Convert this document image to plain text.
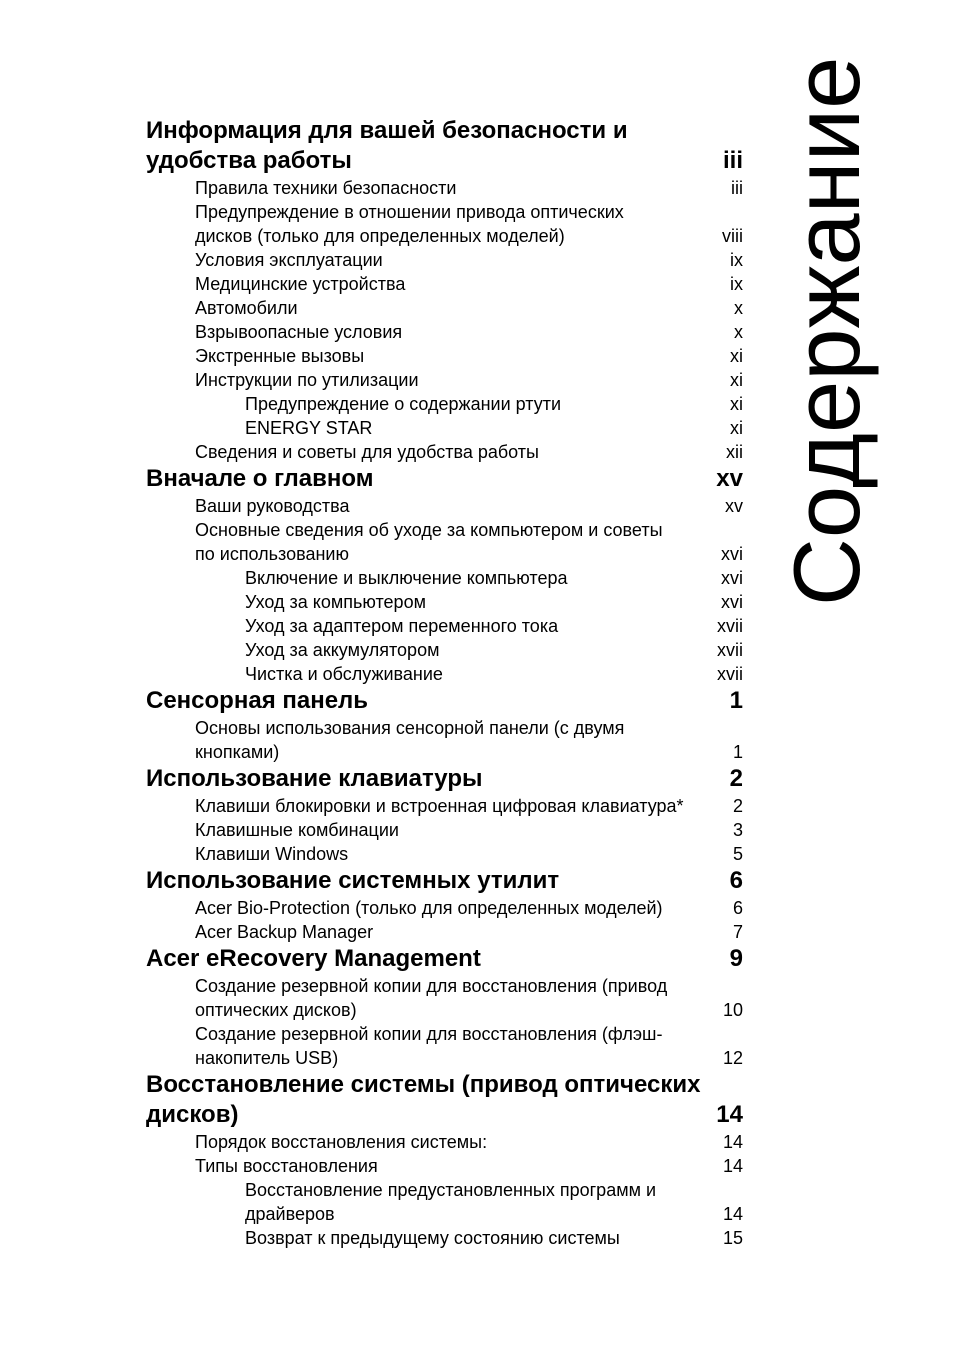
Информация для вашей безопасности и удобства работы	iii
Правила техники безопасности	iii
Предупреждение в отношении привода оптических дисков (только для определенных моделей)	viii
Условия эксплуатации	ix
Медицинские устройства	ix
Автомобили	x
Взрывоопасные условия	x
Экстренные вызовы	xi
Инструкции по утилизации	xi
Предупреждение о содержании ртути	xi
ENERGY STAR	xi
Сведения и советы для удобства работы	xii
Вначале о главном	xv
Ваши руководства	xv
Основные сведения об уходе за компьютером и советы по использованию	xvi
Включение и выключение компьютера	xvi
Уход за компьютером	xvi
Уход за адаптером переменного тока	xvii
Уход за аккумулятором	xvii
Чистка и обслуживание	xvii
Сенсорная панель	1
Основы использования сенсорной панели (с двумя кнопками)	1
Использование клавиатуры	2
Клавиши блокировки и встроенная цифровая клавиатура*	2
Клавишные комбинации	3
Клавиши Windows	5
Использование системных утилит	6
Acer Bio-Protection (только для определенных моделей)	6
Acer Backup Manager	7
Acer eRecovery Management	9
Создание резервной копии для восстановления (привод оптических дисков)	10
Создание резервной копии для восстановления (флэш-накопитель USB)	12
Восстановление системы (привод оптических дисков)	14
Порядок восстановления системы:	14
Типы восстановления	14
Восстановление предустановленных программ и драйверов	14
Возврат к предыдущему состоянию системы	15
Содержание
